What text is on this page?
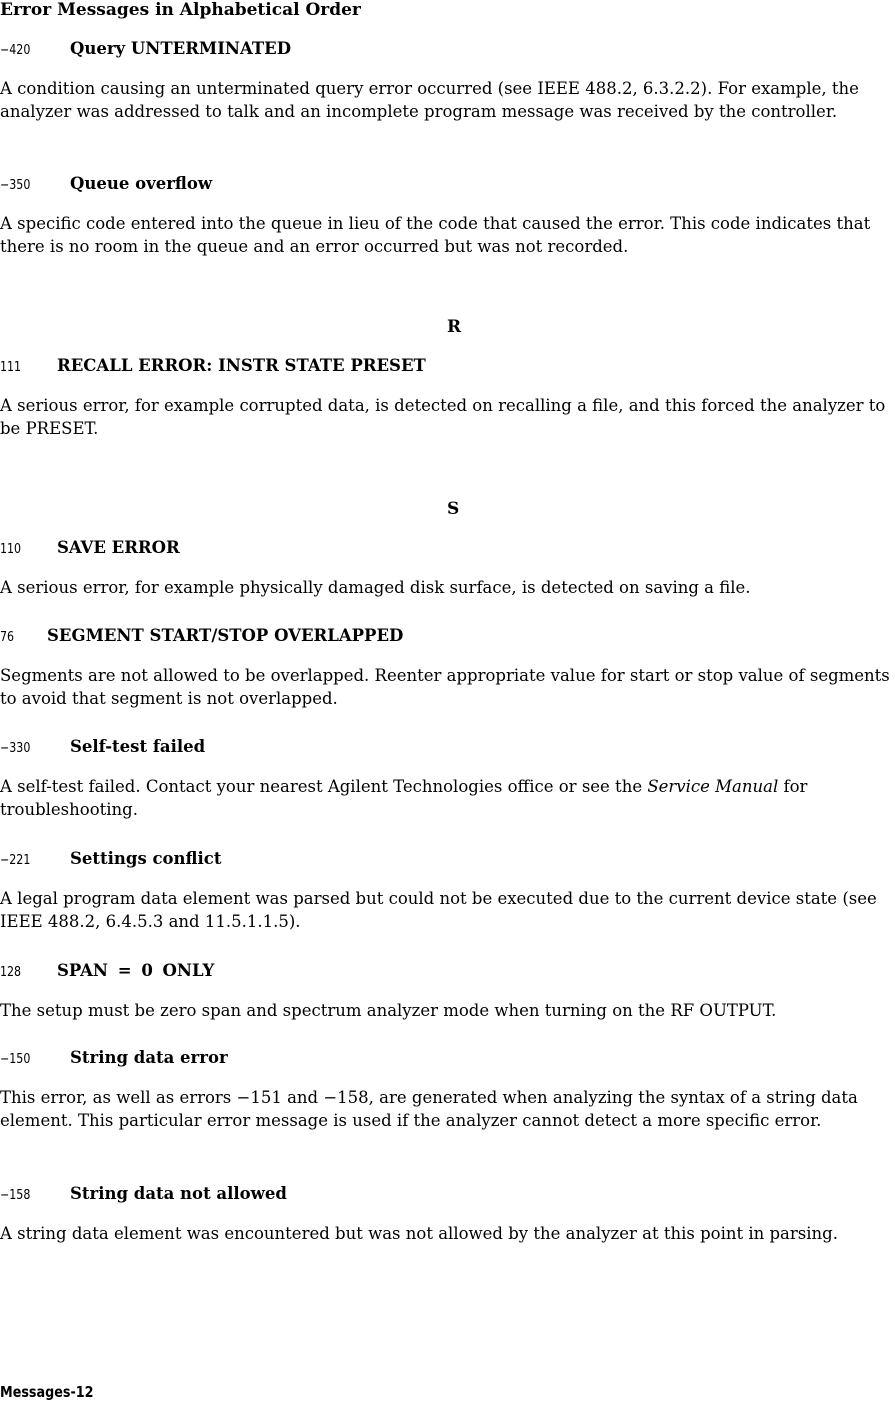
Error Messages in Alphabetical Order
−420 Query UNTERMINATED

A condition causing an unterminated query error occurred (see IEEE 488.2, 6.3.2.2). For example, the analyzer was addressed to talk and an incomplete program message was received by the controller.

−350 Queue overflow

A specific code entered into the queue in lieu of the code that caused the error. This code indicates that there is no room in the queue and an error occurred but was not recorded.

R
111 RECALL ERROR: INSTR STATE PRESET

A serious error, for example corrupted data, is detected on recalling a file, and this forced the analyzer to be PRESET.

S
110 SAVE ERROR

A serious error, for example physically damaged disk surface, is detected on saving a file.

76 SEGMENT START/STOP OVERLAPPED

Segments are not allowed to be overlapped. Reenter appropriate value for start or stop value of segments to avoid that segment is not overlapped.

−330 Self-test failed

A self-test failed. Contact your nearest Agilent Technologies office or see the Service Manual for troubleshooting.

−221 Settings conflict

A legal program data element was parsed but could not be executed due to the current device state (see IEEE 488.2, 6.4.5.3 and 11.5.1.1.5).

128 SPAN = 0 ONLY

The setup must be zero span and spectrum analyzer mode when turning on the RF OUTPUT.

−150 String data error

This error, as well as errors −151 and −158, are generated when analyzing the syntax of a string data element. This particular error message is used if the analyzer cannot detect a more specific error.

−158 String data not allowed

A string data element was encountered but was not allowed by the analyzer at this point in parsing.

Messages-12
